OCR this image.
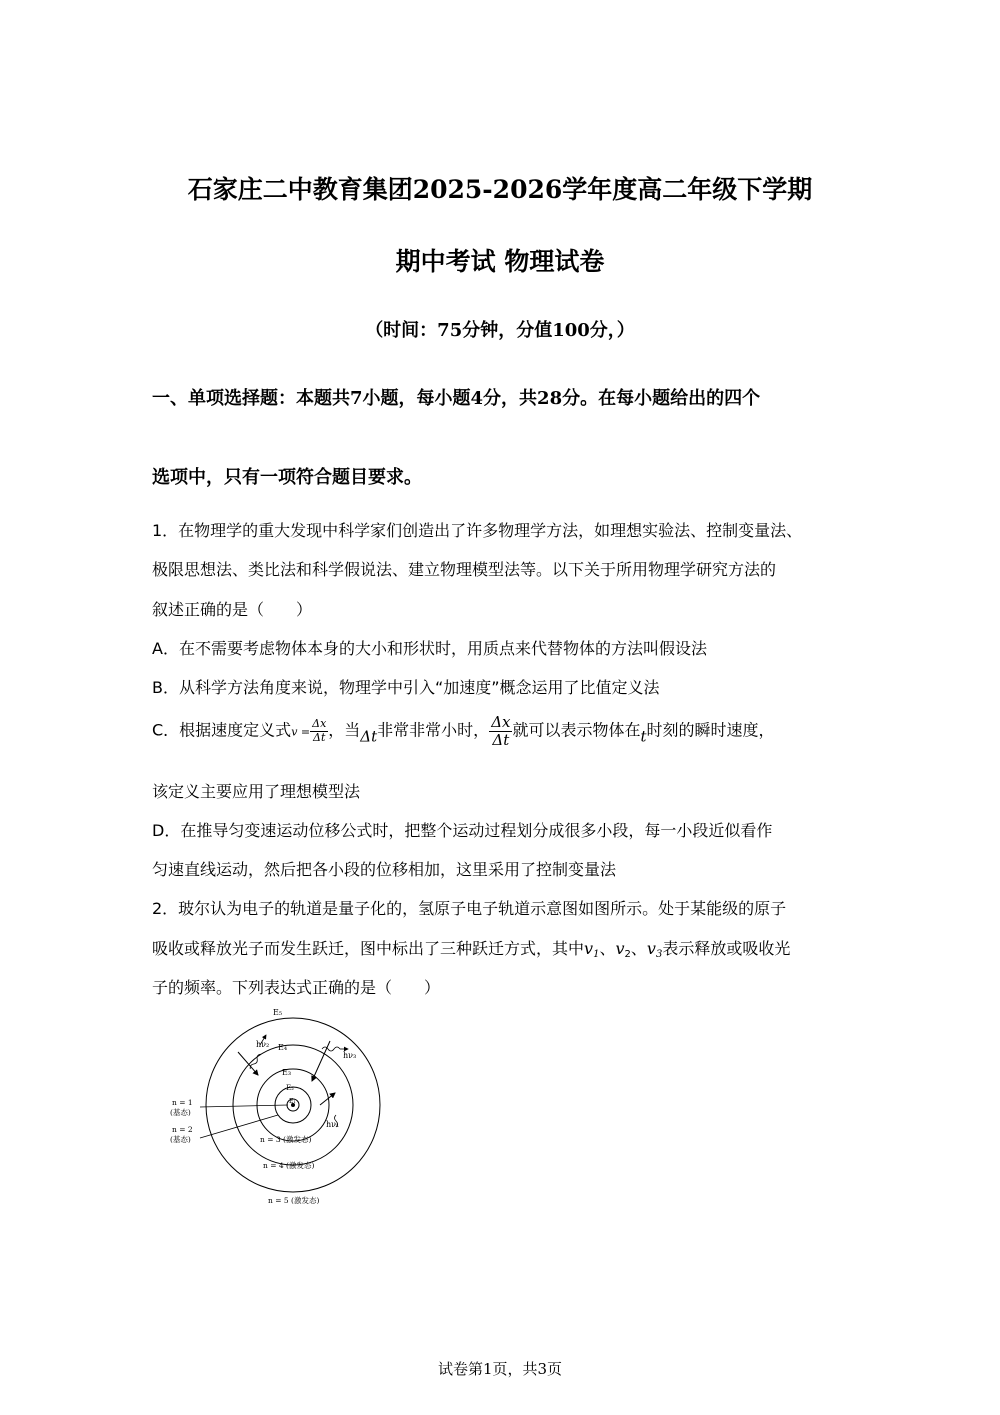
石家庄二中教育集团2025-2026学年度高二年级下学期
期中考试 物理试卷
（时间：75分钟，分值100分，）
一、单项选择题：本题共7小题，每小题4分，共28分。在每小题给出的四个
选项中，只有一项符合题目要求。
1．在物理学的重大发现中科学家们创造出了许多物理学方法，如理想实验法、控制变量法、
极限思想法、类比法和科学假说法、建立物理模型法等。以下关于所用物理学研究方法的
叙述正确的是（　　）
A．在不需要考虑物体本身的大小和形状时，用质点来代替物体的方法叫假设法
B．从科学方法角度来说，物理学中引入“加速度”概念运用了比值定义法
C．根据速度定义式$v = \frac{\Delta x}{\Delta t}$ ，当Δt非常非常小时， $\frac{\Delta x}{\Delta t}$ 就可以表示物体在t时刻的瞬时速度，
该定义主要应用了理想模型法
D．在推导匀变速运动位移公式时，把整个运动过程划分成很多小段，每一小段近似看作
匀速直线运动，然后把各小段的位移相加，这里采用了控制变量法
2．玻尔认为电子的轨道是量子化的，氢原子电子轨道示意图如图所示。处于某能级的原子
吸收或释放光子而发生跃迁，图中标出了三种跃迁方式，其中$v_1$、$v_2$、$v_3$表示释放或吸收光
子的频率。下列表达式正确的是（　　）
E₅
E₄
E₃
E₂
E₁
hν₂
hν₃
hν₁
n = 1
(基态)
n = 2
(基态)	n = 3 (激发态)
n = 4 (激发态)
n = 5 (激发态)
试卷第1页，共3页
